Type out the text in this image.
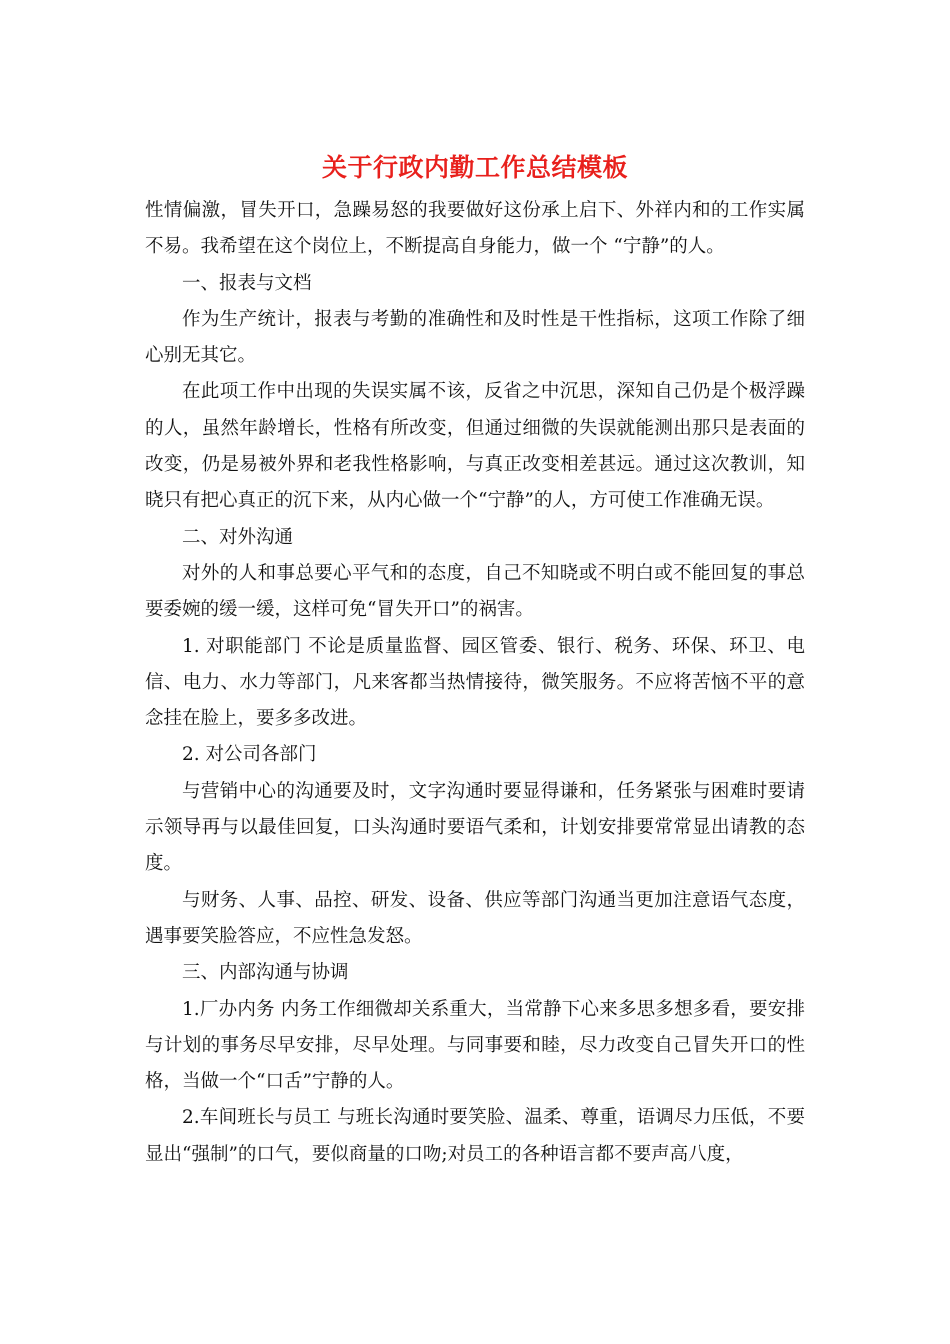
关于行政内勤工作总结模板

性情偏激，冒失开口，急躁易怒的我要做好这份承上启下、外祥内和的工作实属不易。我希望在这个岗位上，不断提高自身能力，做一个 “宁静”的人。

一、报表与文档

作为生产统计，报表与考勤的准确性和及时性是干性指标，这项工作除了细心别无其它。

在此项工作中出现的失误实属不该，反省之中沉思，深知自己仍是个极浮躁的人，虽然年龄增长，性格有所改变，但通过细微的失误就能测出那只是表面的改变，仍是易被外界和老我性格影响，与真正改变相差甚远。通过这次教训，知晓只有把心真正的沉下来，从内心做一个“宁静”的人，方可使工作准确无误。

二、对外沟通

对外的人和事总要心平气和的态度，自己不知晓或不明白或不能回复的事总要委婉的缓一缓，这样可免“冒失开口”的祸害。

1. 对职能部门 不论是质量监督、园区管委、银行、税务、环保、环卫、电信、电力、水力等部门，凡来客都当热情接待，微笑服务。不应将苦恼不平的意念挂在脸上，要多多改进。

2. 对公司各部门

与营销中心的沟通要及时，文字沟通时要显得谦和，任务紧张与困难时要请示领导再与以最佳回复，口头沟通时要语气柔和，计划安排要常常显出请教的态度。

与财务、人事、品控、研发、设备、供应等部门沟通当更加注意语气态度，遇事要笑脸答应，不应性急发怒。

三、内部沟通与协调

1.厂办内务 内务工作细微却关系重大，当常静下心来多思多想多看，要安排与计划的事务尽早安排，尽早处理。与同事要和睦，尽力改变自己冒失开口的性格，当做一个“口舌”宁静的人。

2.车间班长与员工 与班长沟通时要笑脸、温柔、尊重，语调尽力压低，不要显出“强制”的口气，要似商量的口吻;对员工的各种语言都不要声高八度，
